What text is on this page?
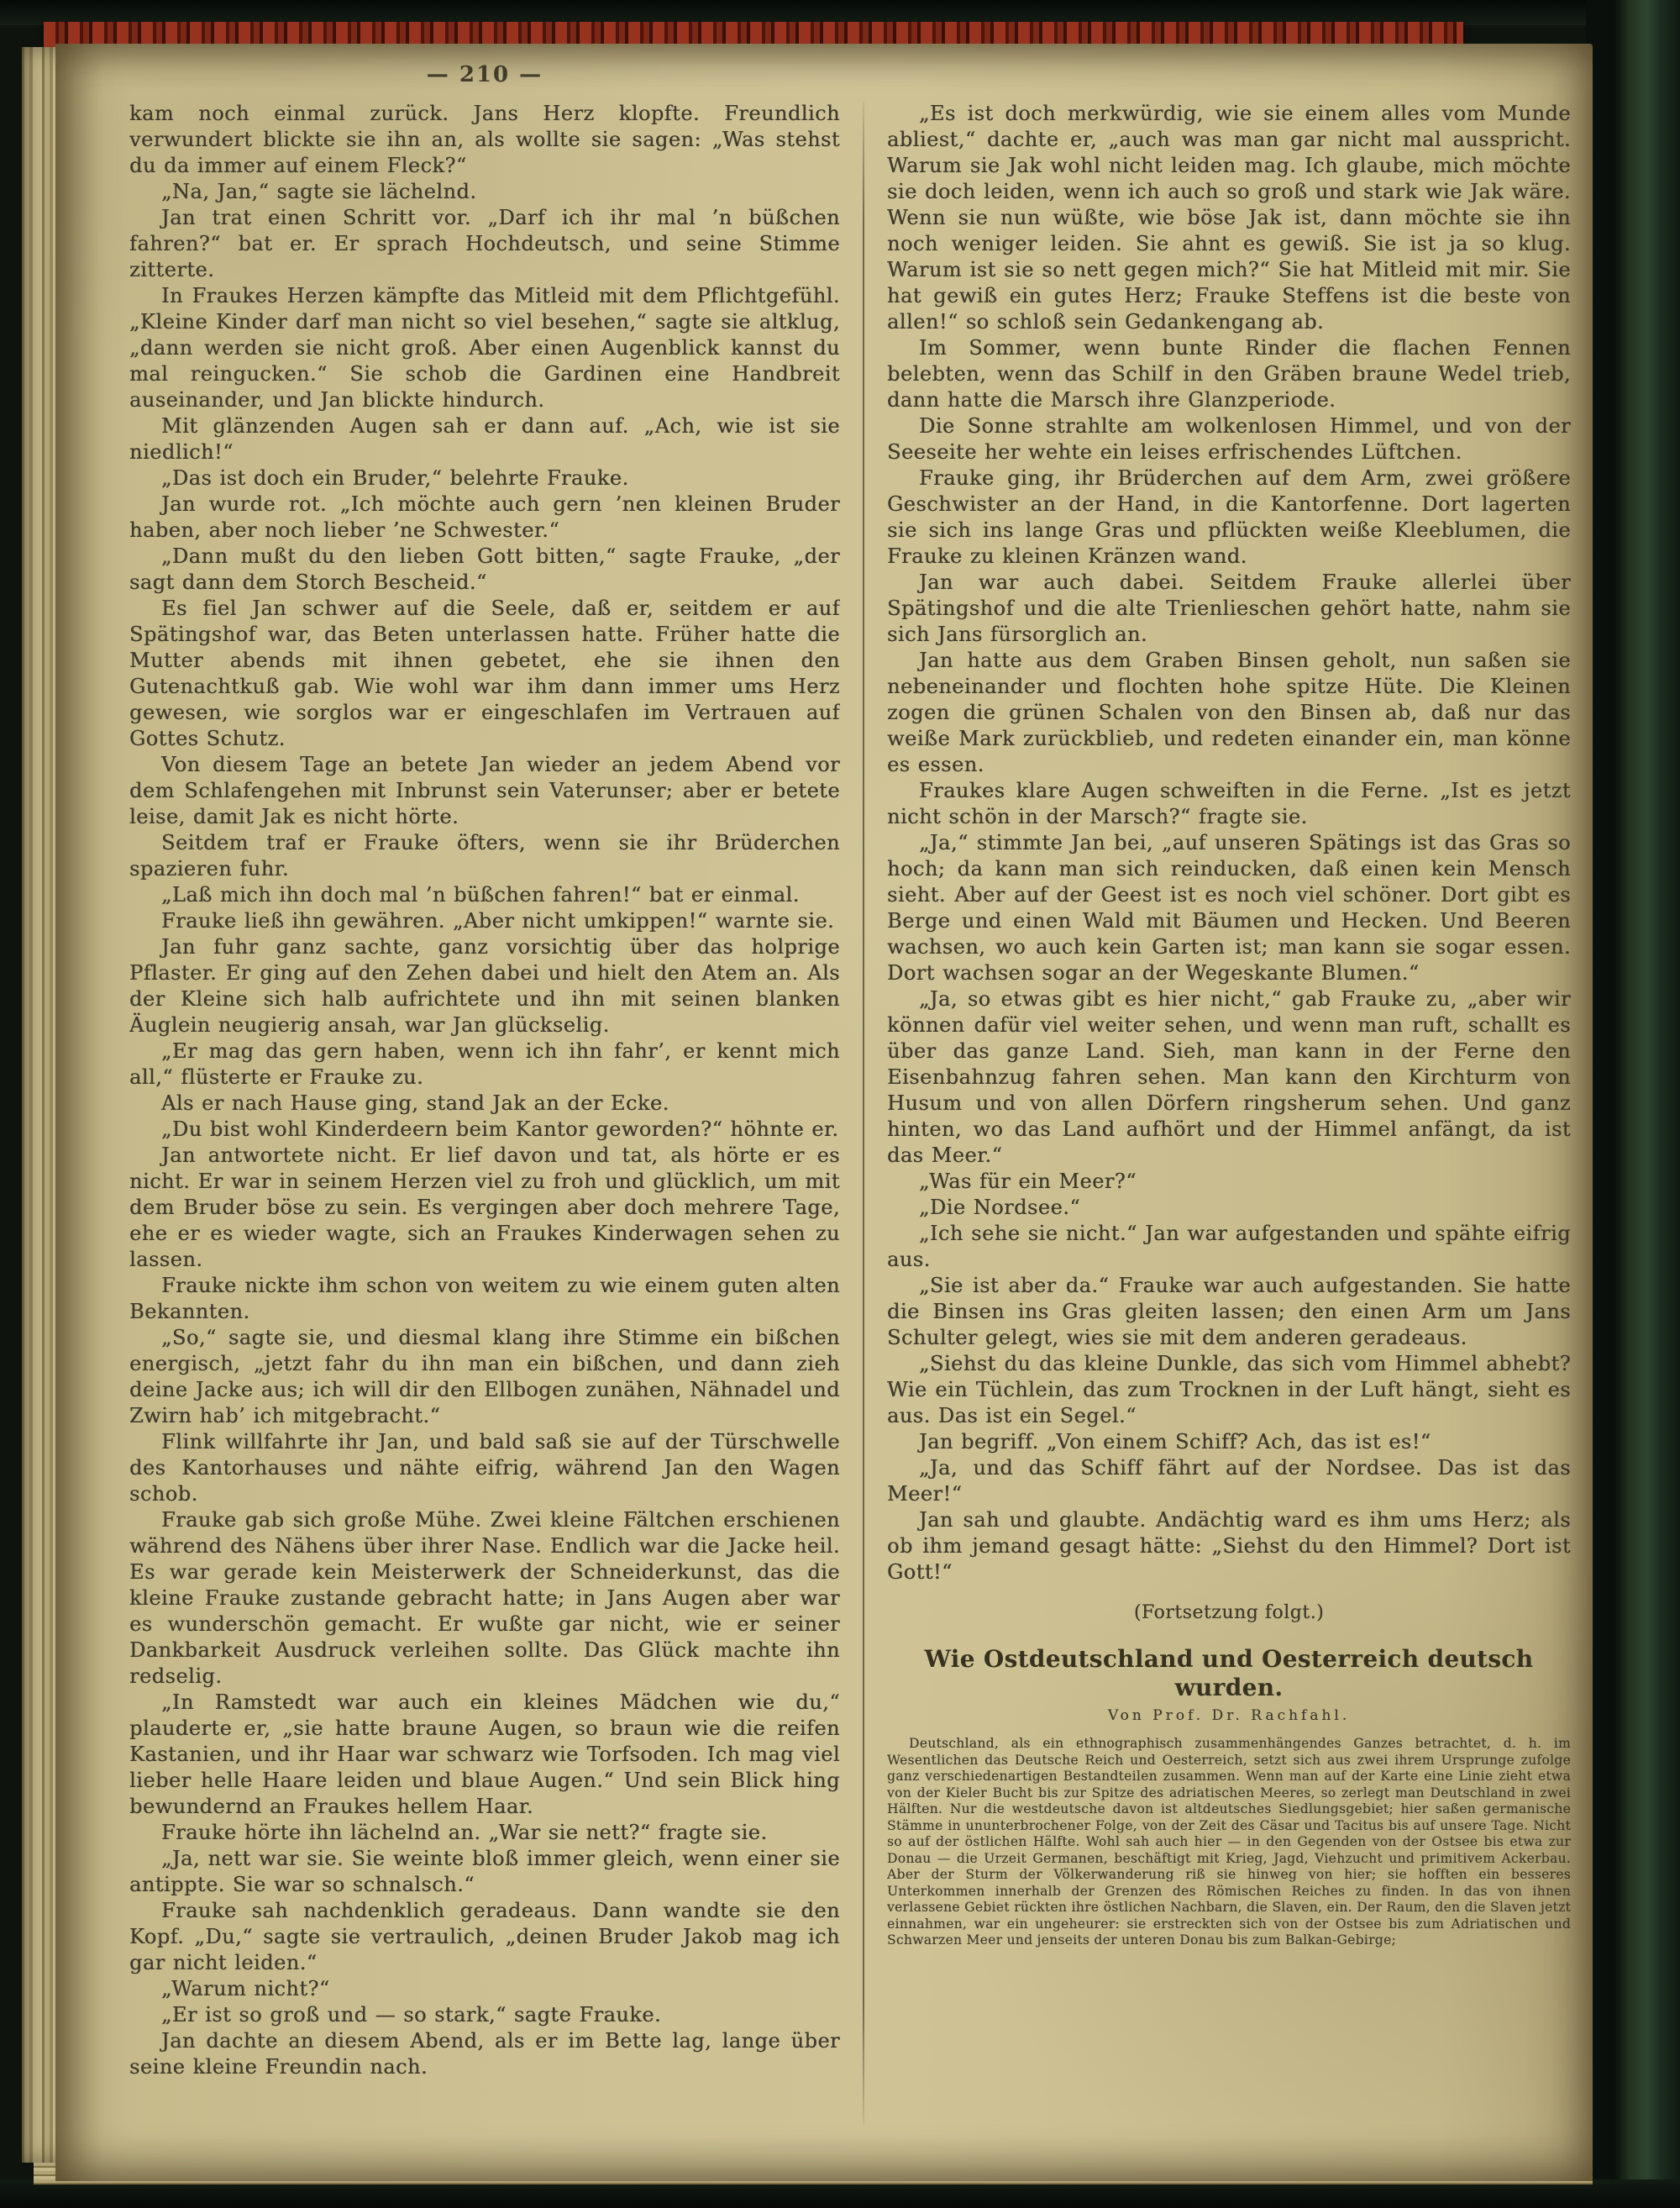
— 210 —

kam noch einmal zurück. Jans Herz klopfte. Freundlich verwundert blickte sie ihn an, als wollte sie sagen: „Was stehst du da immer auf einem Fleck?“

„Na, Jan,“ sagte sie lächelnd.

Jan trat einen Schritt vor. „Darf ich ihr mal ’n büßchen fahren?“ bat er. Er sprach Hochdeutsch, und seine Stimme zitterte.

In Fraukes Herzen kämpfte das Mitleid mit dem Pflichtgefühl. „Kleine Kinder darf man nicht so viel besehen,“ sagte sie altklug, „dann werden sie nicht groß. Aber einen Augenblick kannst du mal reingucken.“ Sie schob die Gardinen eine Handbreit auseinander, und Jan blickte hindurch.

Mit glänzenden Augen sah er dann auf. „Ach, wie ist sie niedlich!“

„Das ist doch ein Bruder,“ belehrte Frauke.

Jan wurde rot. „Ich möchte auch gern ’nen kleinen Bruder haben, aber noch lieber ’ne Schwester.“

„Dann mußt du den lieben Gott bitten,“ sagte Frauke, „der sagt dann dem Storch Bescheid.“

Es fiel Jan schwer auf die Seele, daß er, seitdem er auf Spätingshof war, das Beten unterlassen hatte. Früher hatte die Mutter abends mit ihnen gebetet, ehe sie ihnen den Gutenachtkuß gab. Wie wohl war ihm dann immer ums Herz gewesen, wie sorglos war er eingeschlafen im Vertrauen auf Gottes Schutz.

Von diesem Tage an betete Jan wieder an jedem Abend vor dem Schlafengehen mit Inbrunst sein Vaterunser; aber er betete leise, damit Jak es nicht hörte.

Seitdem traf er Frauke öfters, wenn sie ihr Brüderchen spazieren fuhr.

„Laß mich ihn doch mal ’n büßchen fahren!“ bat er einmal.

Frauke ließ ihn gewähren. „Aber nicht umkippen!“ warnte sie.

Jan fuhr ganz sachte, ganz vorsichtig über das holprige Pflaster. Er ging auf den Zehen dabei und hielt den Atem an. Als der Kleine sich halb aufrichtete und ihn mit seinen blanken Äuglein neugierig ansah, war Jan glückselig.

„Er mag das gern haben, wenn ich ihn fahr’, er kennt mich all,“ flüsterte er Frauke zu.

Als er nach Hause ging, stand Jak an der Ecke.

„Du bist wohl Kinderdeern beim Kantor geworden?“ höhnte er.

Jan antwortete nicht. Er lief davon und tat, als hörte er es nicht. Er war in seinem Herzen viel zu froh und glücklich, um mit dem Bruder böse zu sein. Es vergingen aber doch mehrere Tage, ehe er es wieder wagte, sich an Fraukes Kinderwagen sehen zu lassen.

Frauke nickte ihm schon von weitem zu wie einem guten alten Bekannten.

„So,“ sagte sie, und diesmal klang ihre Stimme ein bißchen energisch, „jetzt fahr du ihn man ein bißchen, und dann zieh deine Jacke aus; ich will dir den Ellbogen zunähen, Nähnadel und Zwirn hab’ ich mitgebracht.“

Flink willfahrte ihr Jan, und bald saß sie auf der Türschwelle des Kantorhauses und nähte eifrig, während Jan den Wagen schob.

Frauke gab sich große Mühe. Zwei kleine Fältchen erschienen während des Nähens über ihrer Nase. Endlich war die Jacke heil. Es war gerade kein Meisterwerk der Schneiderkunst, das die kleine Frauke zustande gebracht hatte; in Jans Augen aber war es wunderschön gemacht. Er wußte gar nicht, wie er seiner Dankbarkeit Ausdruck verleihen sollte. Das Glück machte ihn redselig.

„In Ramstedt war auch ein kleines Mädchen wie du,“ plauderte er, „sie hatte braune Augen, so braun wie die reifen Kastanien, und ihr Haar war schwarz wie Torfsoden. Ich mag viel lieber helle Haare leiden und blaue Augen.“ Und sein Blick hing bewundernd an Fraukes hellem Haar.

Frauke hörte ihn lächelnd an. „War sie nett?“ fragte sie.

„Ja, nett war sie. Sie weinte bloß immer gleich, wenn einer sie antippte. Sie war so schnalsch.“

Frauke sah nachdenklich geradeaus. Dann wandte sie den Kopf. „Du,“ sagte sie vertraulich, „deinen Bruder Jakob mag ich gar nicht leiden.“

„Warum nicht?“

„Er ist so groß und — so stark,“ sagte Frauke.

Jan dachte an diesem Abend, als er im Bette lag, lange über seine kleine Freundin nach.

„Es ist doch merkwürdig, wie sie einem alles vom Munde abliest,“ dachte er, „auch was man gar nicht mal ausspricht. Warum sie Jak wohl nicht leiden mag. Ich glaube, mich möchte sie doch leiden, wenn ich auch so groß und stark wie Jak wäre. Wenn sie nun wüßte, wie böse Jak ist, dann möchte sie ihn noch weniger leiden. Sie ahnt es gewiß. Sie ist ja so klug. Warum ist sie so nett gegen mich?“ Sie hat Mitleid mit mir. Sie hat gewiß ein gutes Herz; Frauke Steffens ist die beste von allen!“ so schloß sein Gedankengang ab.

Im Sommer, wenn bunte Rinder die flachen Fennen belebten, wenn das Schilf in den Gräben braune Wedel trieb, dann hatte die Marsch ihre Glanzperiode.

Die Sonne strahlte am wolkenlosen Himmel, und von der Seeseite her wehte ein leises erfrischendes Lüftchen.

Frauke ging, ihr Brüderchen auf dem Arm, zwei größere Geschwister an der Hand, in die Kantorfenne. Dort lagerten sie sich ins lange Gras und pflückten weiße Kleeblumen, die Frauke zu kleinen Kränzen wand.

Jan war auch dabei. Seitdem Frauke allerlei über Spätingshof und die alte Trienlieschen gehört hatte, nahm sie sich Jans fürsorglich an.

Jan hatte aus dem Graben Binsen geholt, nun saßen sie nebeneinander und flochten hohe spitze Hüte. Die Kleinen zogen die grünen Schalen von den Binsen ab, daß nur das weiße Mark zurückblieb, und redeten einander ein, man könne es essen.

Fraukes klare Augen schweiften in die Ferne. „Ist es jetzt nicht schön in der Marsch?“ fragte sie.

„Ja,“ stimmte Jan bei, „auf unseren Spätings ist das Gras so hoch; da kann man sich reinducken, daß einen kein Mensch sieht. Aber auf der Geest ist es noch viel schöner. Dort gibt es Berge und einen Wald mit Bäumen und Hecken. Und Beeren wachsen, wo auch kein Garten ist; man kann sie sogar essen. Dort wachsen sogar an der Wegeskante Blumen.“

„Ja, so etwas gibt es hier nicht,“ gab Frauke zu, „aber wir können dafür viel weiter sehen, und wenn man ruft, schallt es über das ganze Land. Sieh, man kann in der Ferne den Eisenbahnzug fahren sehen. Man kann den Kirchturm von Husum und von allen Dörfern ringsherum sehen. Und ganz hinten, wo das Land aufhört und der Himmel anfängt, da ist das Meer.“

„Was für ein Meer?“

„Die Nordsee.“

„Ich sehe sie nicht.“ Jan war aufgestanden und spähte eifrig aus.

„Sie ist aber da.“ Frauke war auch aufgestanden. Sie hatte die Binsen ins Gras gleiten lassen; den einen Arm um Jans Schulter gelegt, wies sie mit dem anderen geradeaus.

„Siehst du das kleine Dunkle, das sich vom Himmel abhebt? Wie ein Tüchlein, das zum Trocknen in der Luft hängt, sieht es aus. Das ist ein Segel.“

Jan begriff. „Von einem Schiff? Ach, das ist es!“

„Ja, und das Schiff fährt auf der Nordsee. Das ist das Meer!“

Jan sah und glaubte. Andächtig ward es ihm ums Herz; als ob ihm jemand gesagt hätte: „Siehst du den Himmel? Dort ist Gott!“

(Fortsetzung folgt.)
Wie Ostdeutschland und Oesterreich deutsch wurden.
Von Prof. Dr. Rachfahl.

Deutschland, als ein ethnographisch zusammenhängendes Ganzes betrachtet, d. h. im Wesentlichen das Deutsche Reich und Oesterreich, setzt sich aus zwei ihrem Ursprunge zufolge ganz verschiedenartigen Bestandteilen zusammen. Wenn man auf der Karte eine Linie zieht etwa von der Kieler Bucht bis zur Spitze des adriatischen Meeres, so zerlegt man Deutschland in zwei Hälften. Nur die westdeutsche davon ist altdeutsches Siedlungsgebiet; hier saßen germanische Stämme in ununterbrochener Folge, von der Zeit des Cäsar und Tacitus bis auf unsere Tage. Nicht so auf der östlichen Hälfte. Wohl sah auch hier — in den Gegenden von der Ostsee bis etwa zur Donau — die Urzeit Germanen, beschäftigt mit Krieg, Jagd, Viehzucht und primitivem Ackerbau. Aber der Sturm der Völkerwanderung riß sie hinweg von hier; sie hofften ein besseres Unterkommen innerhalb der Grenzen des Römischen Reiches zu finden. In das von ihnen verlassene Gebiet rückten ihre östlichen Nachbarn, die Slaven, ein. Der Raum, den die Slaven jetzt einnahmen, war ein ungeheurer: sie erstreckten sich von der Ostsee bis zum Adriatischen und Schwarzen Meer und jenseits der unteren Donau bis zum Balkan-Gebirge;
